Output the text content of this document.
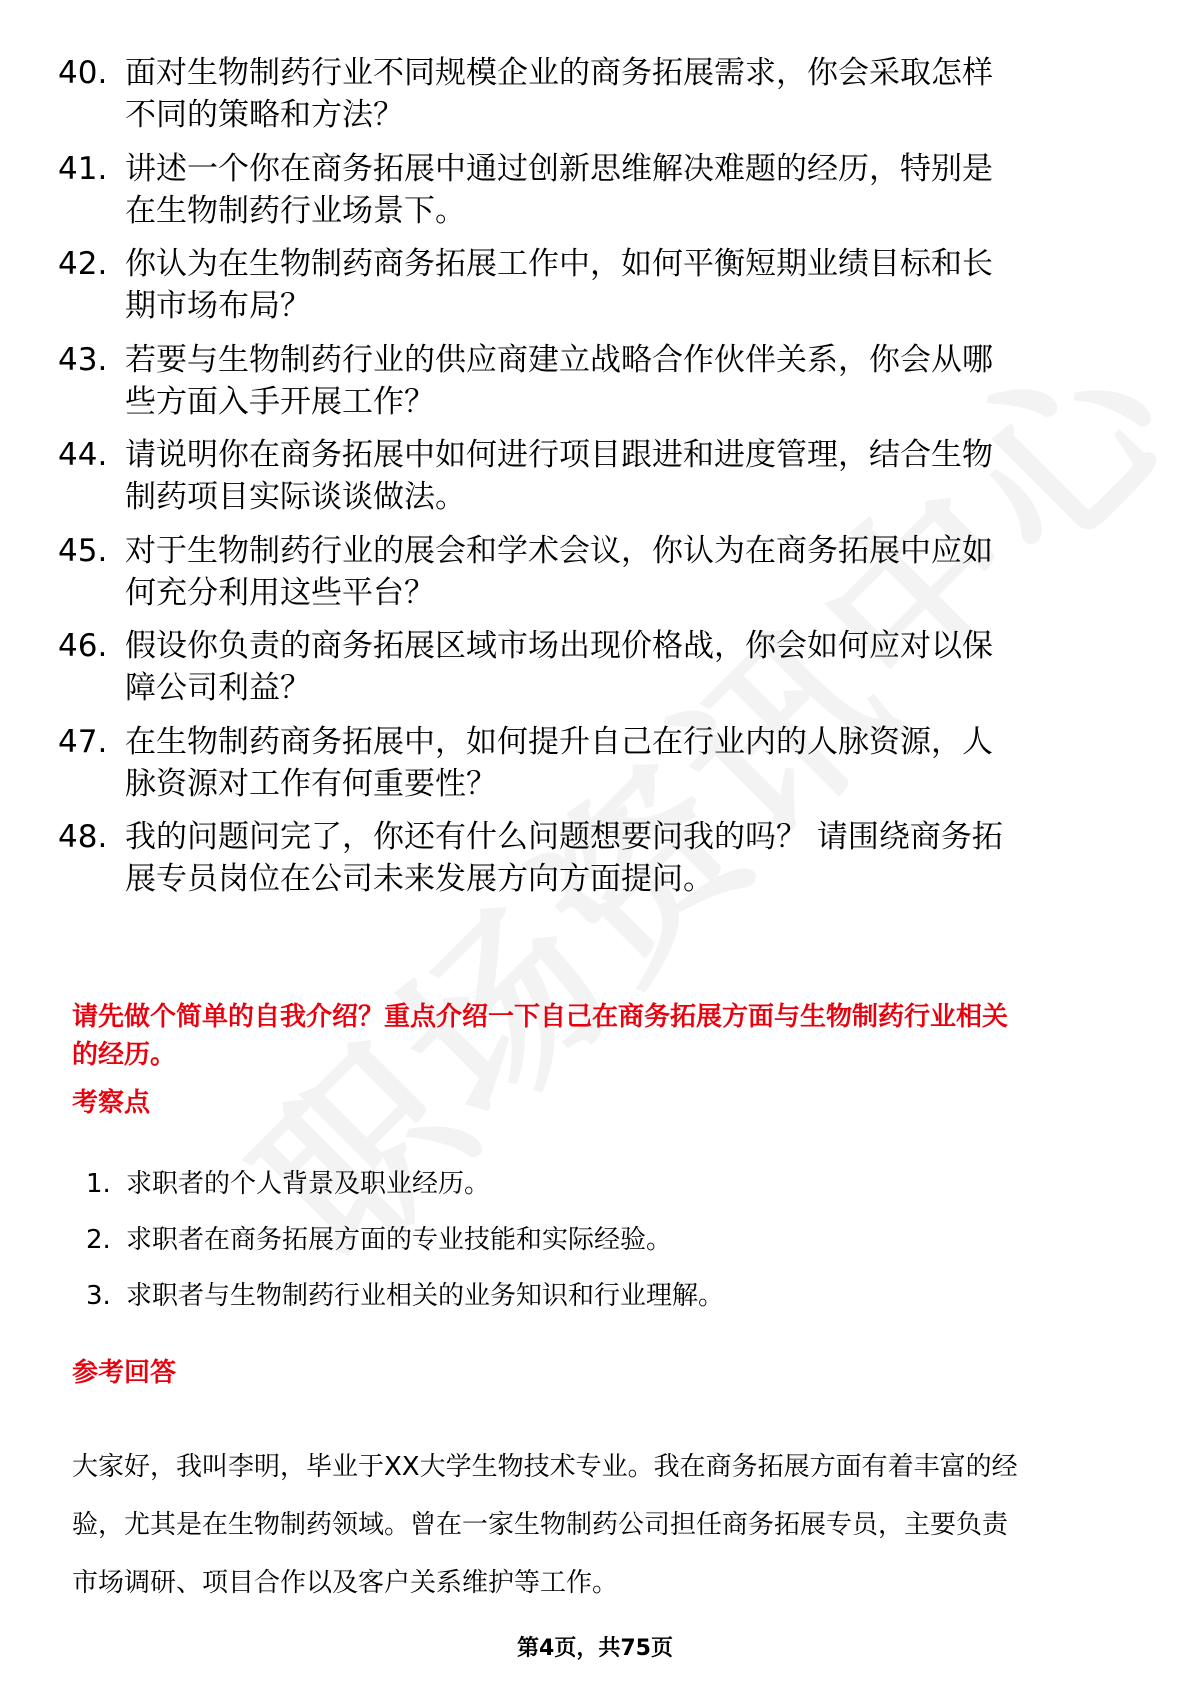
40. 面对生物制药行业不同规模企业的商务拓展需求，你会采取怎样
不同的策略和方法？
41. 讲述一个你在商务拓展中通过创新思维解决难题的经历，特别是
在生物制药行业场景下。
42. 你认为在生物制药商务拓展工作中，如何平衡短期业绩目标和长
期市场布局？
43. 若要与生物制药行业的供应商建立战略合作伙伴关系，你会从哪
些方面入手开展工作？
44. 请说明你在商务拓展中如何进行项目跟进和进度管理，结合生物
制药项目实际谈谈做法。
45. 对于生物制药行业的展会和学术会议，你认为在商务拓展中应如
何充分利用这些平台？
46. 假设你负责的商务拓展区域市场出现价格战，你会如何应对以保
障公司利益？
47. 在生物制药商务拓展中，如何提升自己在行业内的人脉资源，人
脉资源对工作有何重要性？
48. 我的问题问完了，你还有什么问题想要问我的吗？ 请围绕商务拓
展专员岗位在公司未来发展方向方面提问。
请先做个简单的自我介绍？重点介绍一下自己在商务拓展方面与生物制药行业相关
的经历。
考察点
1. 求职者的个人背景及职业经历。
2. 求职者在商务拓展方面的专业技能和实际经验。
3. 求职者与生物制药行业相关的业务知识和行业理解。
参考回答
大家好，我叫李明，毕业于XX大学生物技术专业。我在商务拓展方面有着丰富的经
验，尤其是在生物制药领域。曾在一家生物制药公司担任商务拓展专员，主要负责
市场调研、项目合作以及客户关系维护等工作。
第4页，共75页
